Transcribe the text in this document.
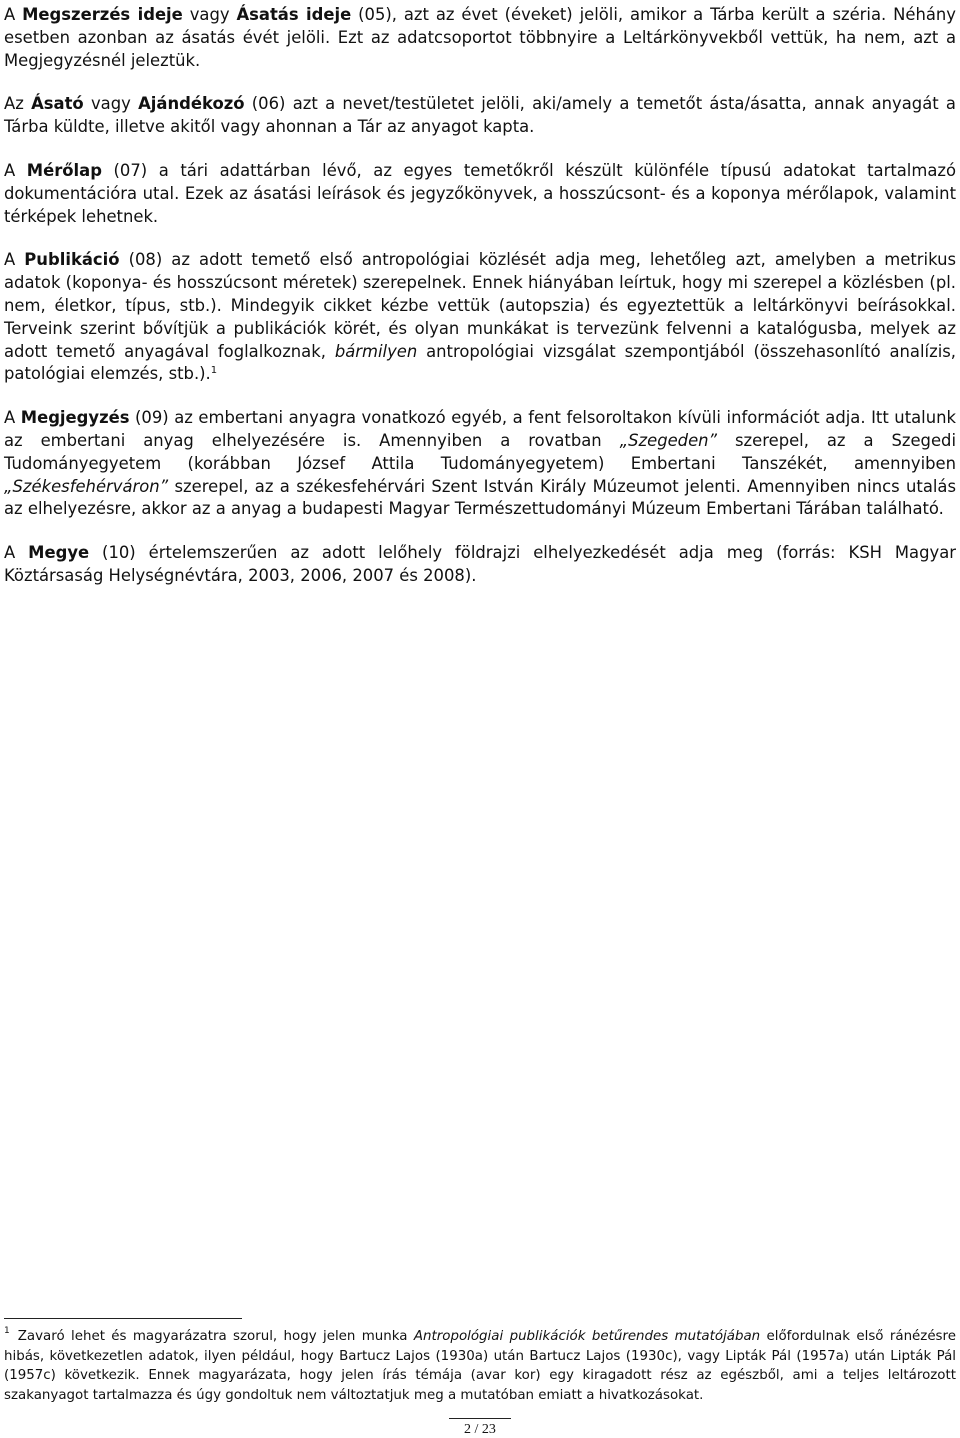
A Megszerzés ideje vagy Ásatás ideje (05), azt az évet (éveket) jelöli, amikor a Tárba került a széria. Néhány esetben azonban az ásatás évét jelöli. Ezt az adatcsoportot többnyire a Leltárkönyvekből vettük, ha nem, azt a Megjegyzésnél jeleztük.

Az Ásató vagy Ajándékozó (06) azt a nevet/testületet jelöli, aki/amely a temetőt ásta/ásatta, annak anyagát a Tárba küldte, illetve akitől vagy ahonnan a Tár az anyagot kapta.

A Mérőlap (07) a tári adattárban lévő, az egyes temetőkről készült különféle típusú adatokat tartalmazó dokumentációra utal. Ezek az ásatási leírások és jegyzőkönyvek, a hosszúcsont- és a koponya mérőlapok, valamint térképek lehetnek.

A Publikáció (08) az adott temető első antropológiai közlését adja meg, lehetőleg azt, amelyben a metrikus adatok (koponya- és hosszúcsont méretek) szerepelnek. Ennek hiányában leírtuk, hogy mi szerepel a közlésben (pl. nem, életkor, típus, stb.). Mindegyik cikket kézbe vettük (autopszia) és egyeztettük a leltárkönyvi beírásokkal. Terveink szerint bővítjük a publikációk körét, és olyan munkákat is tervezünk felvenni a katalógusba, melyek az adott temető anyagával foglalkoznak, bármilyen antropológiai vizsgálat szempontjából (összehasonlító analízis, patológiai elemzés, stb.).$^1$

A Megjegyzés (09) az embertani anyagra vonatkozó egyéb, a fent felsoroltakon kívüli információt adja. Itt utalunk az embertani anyag elhelyezésére is. Amennyiben a rovatban „Szegeden” szerepel, az a Szegedi Tudományegyetem (korábban József Attila Tudományegyetem) Embertani Tanszékét, amennyiben „Székesfehérváron” szerepel, az a székesfehérvári Szent István Király Múzeumot jelenti. Amennyiben nincs utalás az elhelyezésre, akkor az a anyag a budapesti Magyar Természettudományi Múzeum Embertani Tárában található.

A Megye (10) értelemszerűen az adott lelőhely földrajzi elhelyezkedését adja meg (forrás: KSH Magyar Köztársaság Helységnévtára, 2003, 2006, 2007 és 2008).

$^1$ Zavaró lehet és magyarázatra szorul, hogy jelen munka Antropológiai publikációk betűrendes mutatójában előfordulnak első ránézésre hibás, következetlen adatok, ilyen például, hogy Bartucz Lajos (1930a) után Bartucz Lajos (1930c), vagy Lipták Pál (1957a) után Lipták Pál (1957c) következik. Ennek magyarázata, hogy jelen írás témája (avar kor) egy kiragadott rész az egészből, ami a teljes leltározott szakanyagot tartalmazza és úgy gondoltuk nem változtatjuk meg a mutatóban emiatt a hivatkozásokat.

2 / 23
